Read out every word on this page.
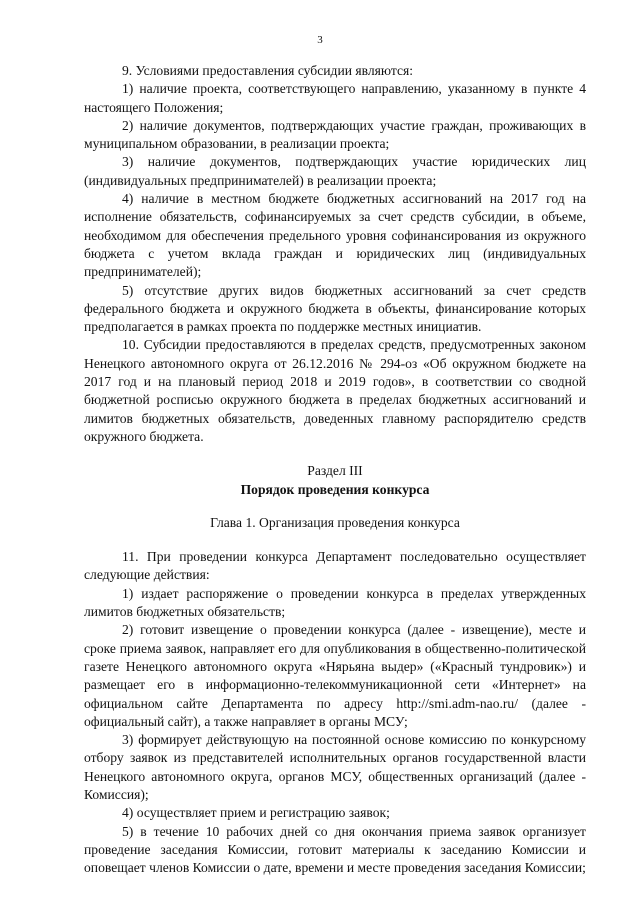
3

9. Условиями предоставления субсидии являются:

1) наличие проекта, соответствующего направлению, указанному в пункте 4 настоящего Положения;

2) наличие документов, подтверждающих участие граждан, проживающих в муниципальном образовании, в реализации проекта;

3) наличие документов, подтверждающих участие юридических лиц (индивидуальных предпринимателей) в реализации проекта;

4) наличие в местном бюджете бюджетных ассигнований на 2017 год на исполнение обязательств, софинансируемых за счет средств субсидии, в объеме, необходимом для обеспечения предельного уровня софинансирования из окружного бюджета с учетом вклада граждан и юридических лиц (индивидуальных предпринимателей);

5) отсутствие других видов бюджетных ассигнований за счет средств федерального бюджета и окружного бюджета в объекты, финансирование которых предполагается в рамках проекта по поддержке местных инициатив.

10. Субсидии предоставляются в пределах средств, предусмотренных законом Ненецкого автономного округа от 26.12.2016 № 294-оз «Об окружном бюджете на 2017 год и на плановый период 2018 и 2019 годов», в соответствии со сводной бюджетной росписью окружного бюджета в пределах бюджетных ассигнований и лимитов бюджетных обязательств, доведенных главному распорядителю средств окружного бюджета.

Раздел III

Порядок проведения конкурса

Глава 1. Организация проведения конкурса

11. При проведении конкурса Департамент последовательно осуществляет следующие действия:

1) издает распоряжение о проведении конкурса в пределах утвержденных лимитов бюджетных обязательств;

2) готовит извещение о проведении конкурса (далее - извещение), месте и сроке приема заявок, направляет его для опубликования в общественно-политической газете Ненецкого автономного округа «Нярьяна выдер» («Красный тундровик») и размещает его в информационно-телекоммуникационной сети «Интернет» на официальном сайте Департамента по адресу http://smi.adm-nao.ru/ (далее - официальный сайт), а также направляет в органы МСУ;

3) формирует действующую на постоянной основе комиссию по конкурсному отбору заявок из представителей исполнительных органов государственной власти Ненецкого автономного округа, органов МСУ, общественных организаций (далее - Комиссия);

4) осуществляет прием и регистрацию заявок;

5) в течение 10 рабочих дней со дня окончания приема заявок организует проведение заседания Комиссии, готовит материалы к заседанию Комиссии и оповещает членов Комиссии о дате, времени и месте проведения заседания Комиссии;
